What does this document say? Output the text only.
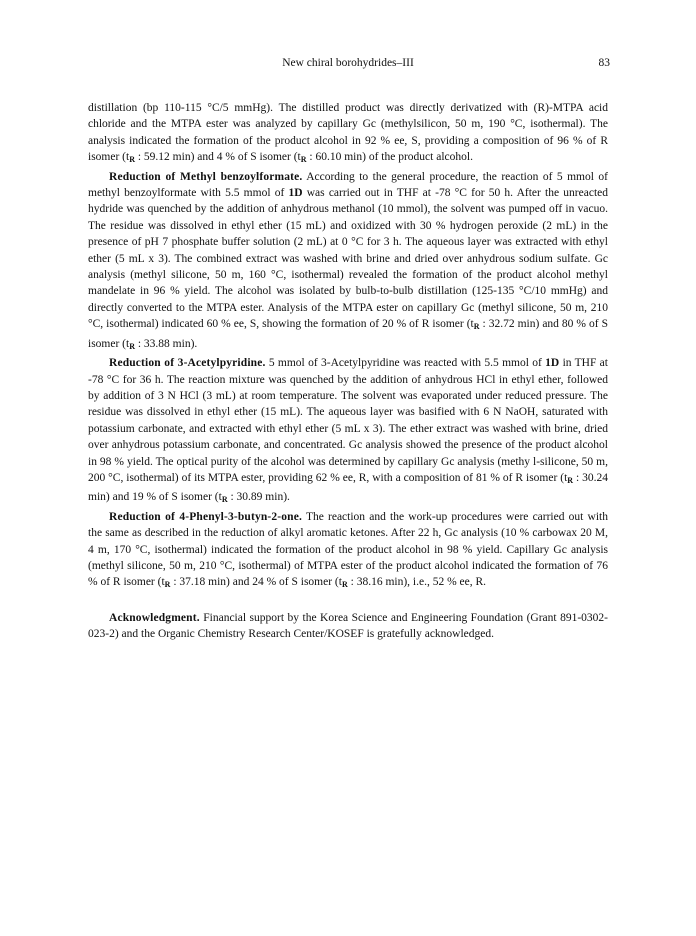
New chiral borohydrides–III	83

distillation (bp 110-115 °C/5 mmHg). The distilled product was directly derivatized with (R)-MTPA acid chloride and the MTPA ester was analyzed by capillary Gc (methylsilicon, 50 m, 190 °C, isothermal). The analysis indicated the formation of the product alcohol in 92 % ee, S, providing a composition of 96 % of R isomer ($t_R$ : 59.12 min) and 4 % of S isomer ($t_R$ : 60.10 min) of the product alcohol.

Reduction of Methyl benzoylformate. According to the general procedure, the reaction of 5 mmol of methyl benzoylformate with 5.5 mmol of 1D was carried out in THF at -78 °C for 50 h. After the unreacted hydride was quenched by the addition of anhydrous methanol (10 mmol), the solvent was pumped off in vacuo. The residue was dissolved in ethyl ether (15 mL) and oxidized with 30 % hydrogen peroxide (2 mL) in the presence of pH 7 phosphate buffer solution (2 mL) at 0 °C for 3 h. The aqueous layer was extracted with ethyl ether (5 mL x 3). The combined extract was washed with brine and dried over anhydrous sodium sulfate. Gc analysis (methyl silicone, 50 m, 160 °C, isothermal) revealed the formation of the product alcohol methyl mandelate in 96 % yield. The alcohol was isolated by bulb-to-bulb distillation (125-135 °C/10 mmHg) and directly converted to the MTPA ester. Analysis of the MTPA ester on capillary Gc (methyl silicone, 50 m, 210 °C, isothermal) indicated 60 % ee, S, showing the formation of 20 % of R isomer ($t_R$ : 32.72 min) and 80 % of S isomer ($t_R$ : 33.88 min).

Reduction of 3-Acetylpyridine. 5 mmol of 3-Acetylpyridine was reacted with 5.5 mmol of 1D in THF at -78 °C for 36 h. The reaction mixture was quenched by the addition of anhydrous HCl in ethyl ether, followed by addition of 3 N HCl (3 mL) at room temperature. The solvent was evaporated under reduced pressure. The residue was dissolved in ethyl ether (15 mL). The aqueous layer was basified with 6 N NaOH, saturated with potassium carbonate, and extracted with ethyl ether (5 mL x 3). The ether extract was washed with brine, dried over anhydrous potassium carbonate, and concentrated. Gc analysis showed the presence of the product alcohol in 98 % yield. The optical purity of the alcohol was determined by capillary Gc analysis (methy l-silicone, 50 m, 200 °C, isothermal) of its MTPA ester, providing 62 % ee, R, with a composition of 81 % of R isomer ($t_R$ : 30.24 min) and 19 % of S isomer ($t_R$ : 30.89 min).

Reduction of 4-Phenyl-3-butyn-2-one. The reaction and the work-up procedures were carried out with the same as described in the reduction of alkyl aromatic ketones. After 22 h, Gc analysis (10 % carbowax 20 M, 4 m, 170 °C, isothermal) indicated the formation of the product alcohol in 98 % yield. Capillary Gc analysis (methyl silicone, 50 m, 210 °C, isothermal) of MTPA ester of the product alcohol indicated the formation of 76 % of R isomer ($t_R$ : 37.18 min) and 24 % of S isomer ($t_R$ : 38.16 min), i.e., 52 % ee, R.

Acknowledgment. Financial support by the Korea Science and Engineering Foundation (Grant 891-0302-023-2) and the Organic Chemistry Research Center/KOSEF is gratefully acknowledged.
